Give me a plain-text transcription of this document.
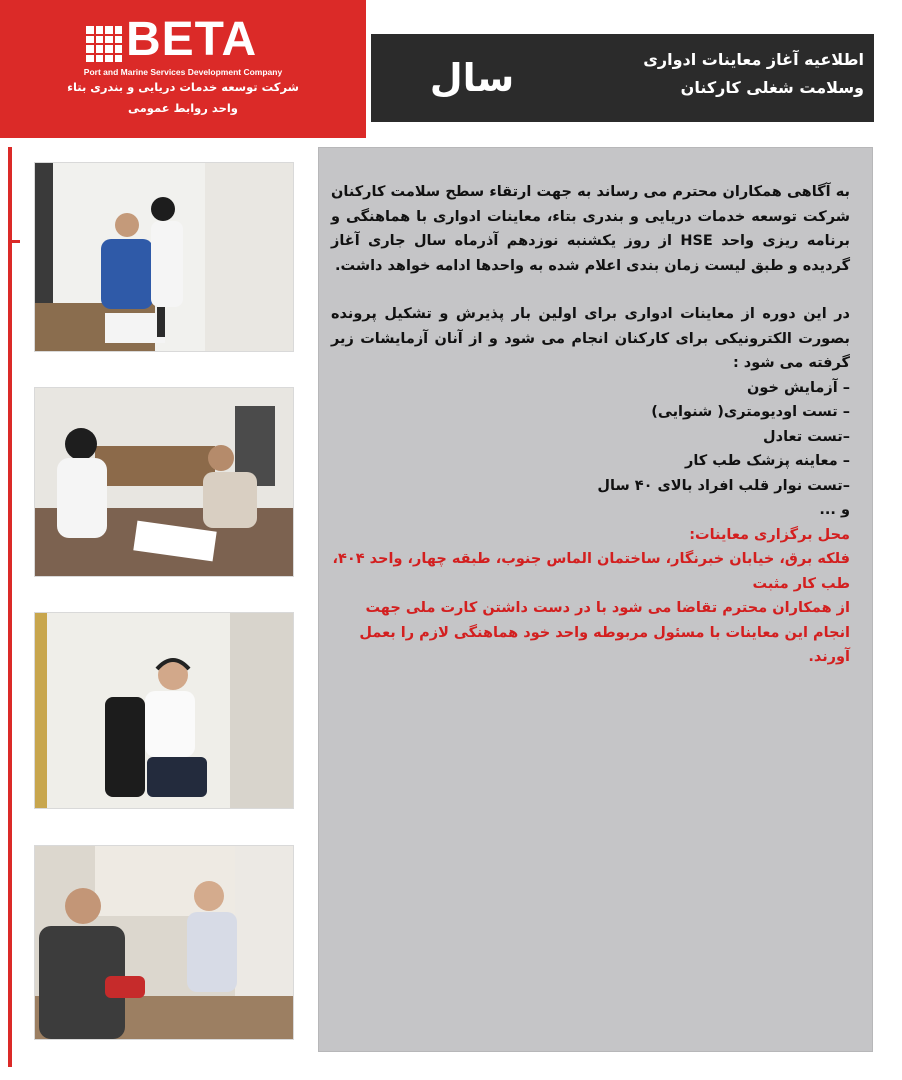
BETA
Port and Marine Services Development Company
شرکت توسعه خدمات دریایی و بندری بتاء
واحد روابط عمومی
اطلاعیه آغاز معاینات ادواری
وسلامت شغلی کارکنان
سال

به آگاهی همکاران محترم می رساند به جهت ارتقاء سطح سلامت کارکنان شرکت توسعه خدمات دریایی و بندری بتاء، معاینات ادواری با هماهنگی و برنامه ریزی واحد HSE از روز یکشنبه نوزدهم آذرماه سال جاری آغاز گردیده و طبق لیست زمان بندی اعلام شده به واحدها ادامه خواهد داشت.

در این دوره از معاینات ادواری برای اولین بار پذیرش و تشکیل پرونده بصورت الکترونیکی برای کارکنان انجام می شود و از آنان آزمایشات زیر گرفته می شود :

– آزمایش خون

– تست اودیومتری( شنوایی)

–تست تعادل

– معاینه پزشک طب کار

–تست نوار قلب افراد بالای ۴۰ سال

و ...

محل برگزاری معاینات:

فلکه برق، خیابان خبرنگار، ساختمان الماس جنوب، طبقه چهار، واحد ۴۰۴، طب کار مثبت

از همکاران محترم تقاضا می شود با در دست داشتن کارت ملی جهت انجام این معاینات با مسئول مربوطه واحد خود هماهنگی لازم را بعمل آورند.
